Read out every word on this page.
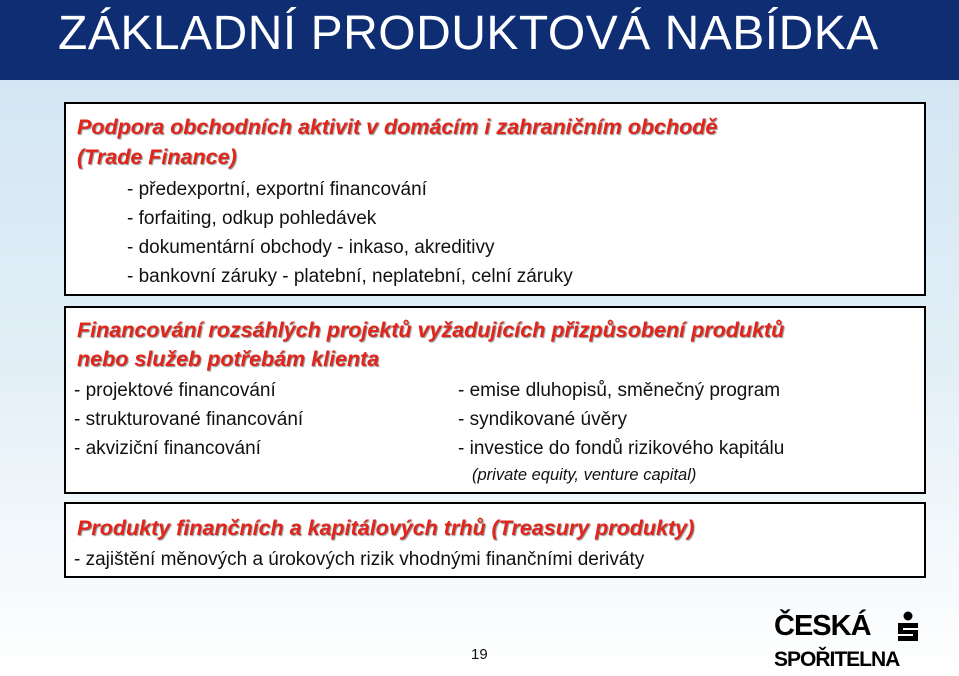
ZÁKLADNÍ PRODUKTOVÁ NABÍDKA

Podpora obchodních aktivit v domácím i zahraničním obchodě

(Trade Finance)

- předexportní, exportní financování

- forfaiting, odkup pohledávek

- dokumentární obchody - inkaso, akreditivy

- bankovní záruky - platební, neplatební, celní záruky

Financování rozsáhlých projektů vyžadujících přizpůsobení produktů

nebo služeb potřebám klienta

- projektové financování

- strukturované financování

- akviziční financování

- emise dluhopisů, směnečný program

- syndikované úvěry

- investice do fondů rizikového kapitálu

(private equity, venture capital)

Produkty finančních a kapitálových trhů (Treasury produkty)

- zajištění měnových a úrokových rizik vhodnými finančními deriváty

19

ČESKÁ

SPOŘITELNA
